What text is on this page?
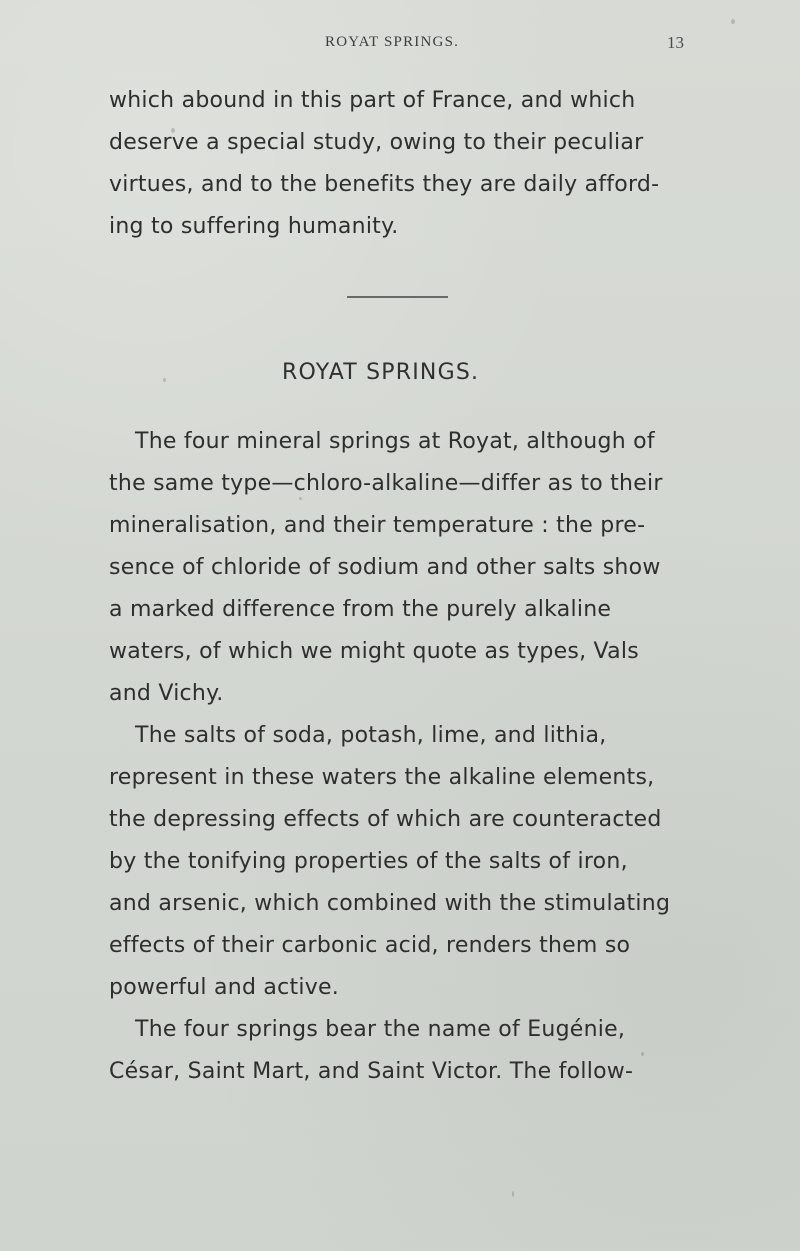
ROYAT SPRINGS.	13
which abound in this part of France, and which
deserve a special study, owing to their peculiar
virtues, and to the benefits they are daily afford-
ing to suffering humanity.
ROYAT SPRINGS.
The four mineral springs at Royat, although of
the same type—chloro-alkaline—differ as to their
mineralisation, and their temperature : the pre-
sence of chloride of sodium and other salts show
a marked difference from the purely alkaline
waters, of which we might quote as types, Vals
and Vichy.
The salts of soda, potash, lime, and lithia,
represent in these waters the alkaline elements,
the depressing effects of which are counteracted
by the tonifying properties of the salts of iron,
and arsenic, which combined with the stimulating
effects of their carbonic acid, renders them so
powerful and active.
The four springs bear the name of Eugénie,
César, Saint Mart, and Saint Victor. The follow-
